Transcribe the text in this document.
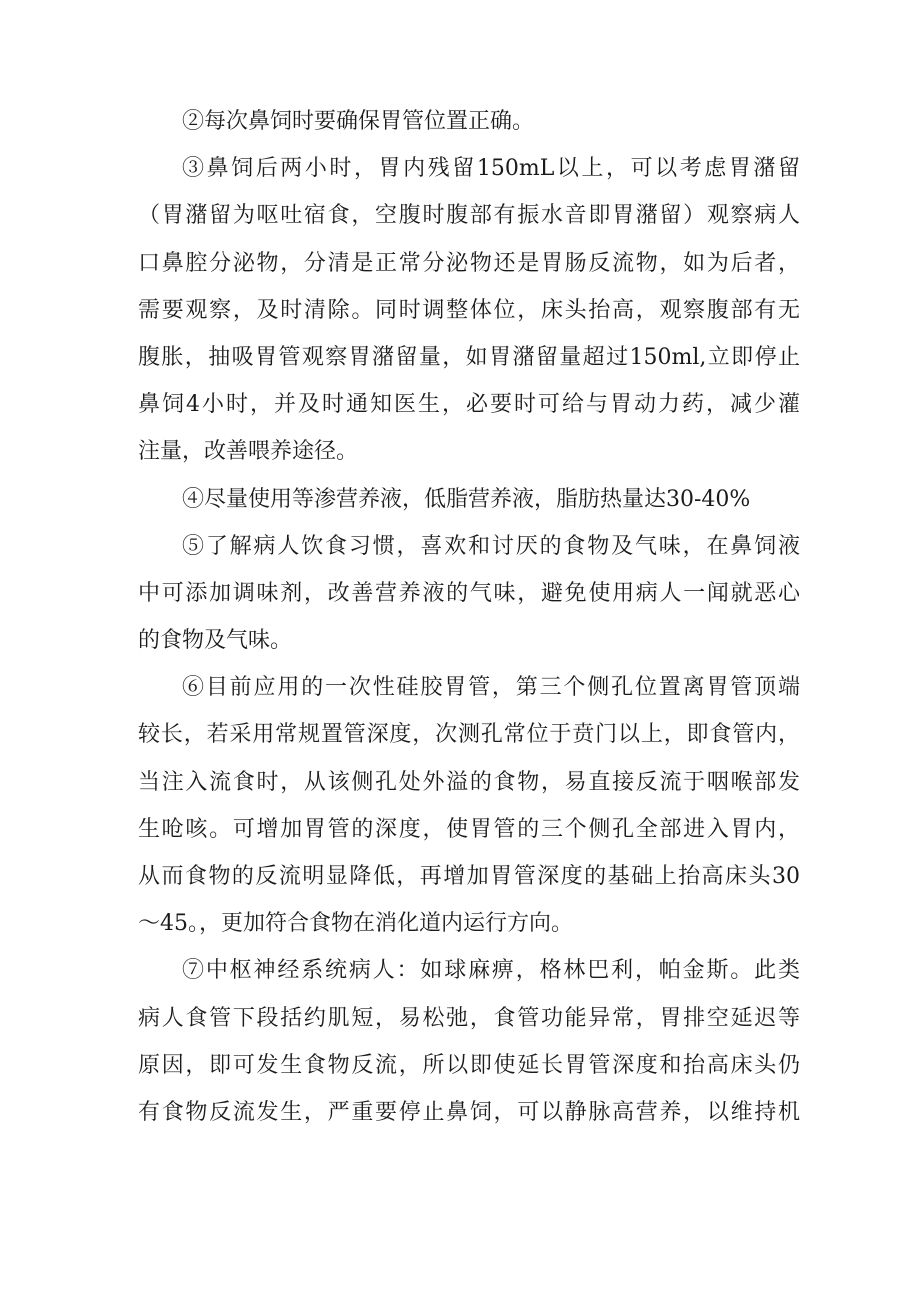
②每次鼻饲时要确保胃管位置正确。
③鼻饲后两小时，胃内残留150mL以上，可以考虑胃潴留
（胃潴留为呕吐宿食，空腹时腹部有振水音即胃潴留）观察病人
口鼻腔分泌物，分清是正常分泌物还是胃肠反流物，如为后者，
需要观察，及时清除。同时调整体位，床头抬高，观察腹部有无
腹胀，抽吸胃管观察胃潴留量，如胃潴留量超过150ml,立即停止
鼻饲4小时，并及时通知医生，必要时可给与胃动力药，减少灌
注量，改善喂养途径。
④尽量使用等渗营养液，低脂营养液，脂肪热量达30-40%
⑤了解病人饮食习惯，喜欢和讨厌的食物及气味，在鼻饲液
中可添加调味剂，改善营养液的气味，避免使用病人一闻就恶心
的食物及气味。
⑥目前应用的一次性硅胶胃管，第三个侧孔位置离胃管顶端
较长，若采用常规置管深度，次测孔常位于贲门以上，即食管内，
当注入流食时，从该侧孔处外溢的食物，易直接反流于咽喉部发
生呛咳。可增加胃管的深度，使胃管的三个侧孔全部进入胃内，
从而食物的反流明显降低，再增加胃管深度的基础上抬高床头30
～45。，更加符合食物在消化道内运行方向。
⑦中枢神经系统病人：如球麻痹，格林巴利，帕金斯。此类
病人食管下段括约肌短，易松弛，食管功能异常，胃排空延迟等
原因，即可发生食物反流，所以即使延长胃管深度和抬高床头仍
有食物反流发生，严重要停止鼻饲，可以静脉高营养，以维持机
